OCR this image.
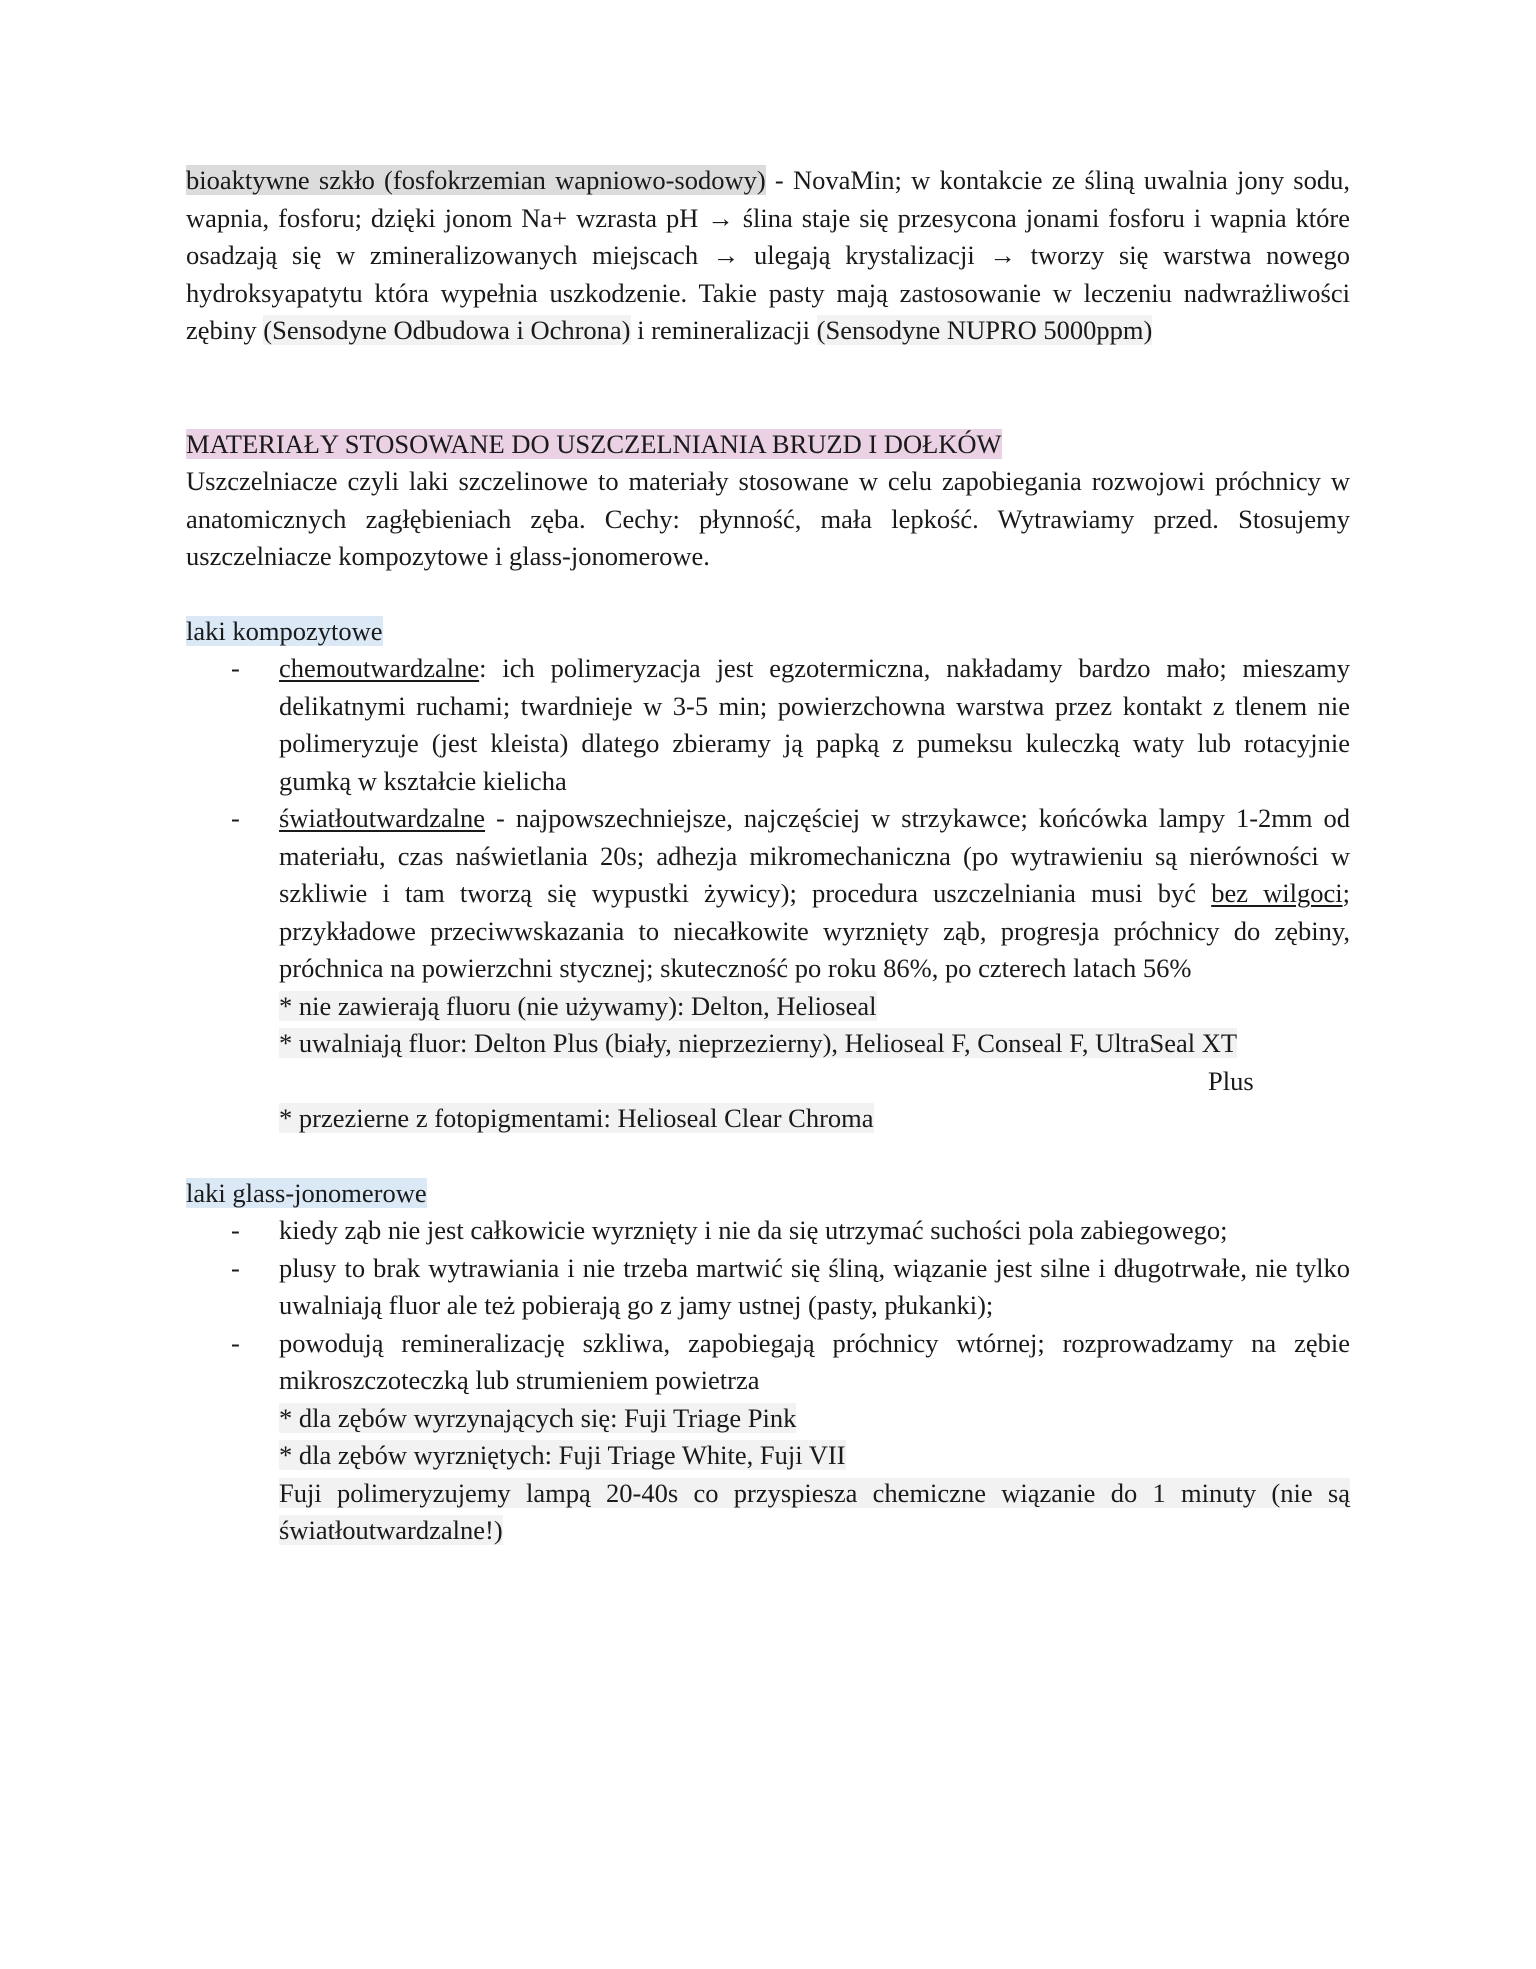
bioaktywne szkło (fosfokrzemian wapniowo-sodowy) - NovaMin; w kontakcie ze śliną uwalnia jony sodu, wapnia, fosforu; dzięki jonom Na+ wzrasta pH → ślina staje się przesycona jonami fosforu i wapnia które osadzają się w zmineralizowanych miejscach → ulegają krystalizacji → tworzy się warstwa nowego hydroksyapatytu która wypełnia uszkodzenie. Takie pasty mają zastosowanie w leczeniu nadwrażliwości zębiny (Sensodyne Odbudowa i Ochrona) i remineralizacji (Sensodyne NUPRO 5000ppm)

MATERIAŁY STOSOWANE DO USZCZELNIANIA BRUZD I DOŁKÓW

Uszczelniacze czyli laki szczelinowe to materiały stosowane w celu zapobiegania rozwojowi próchnicy w anatomicznych zagłębieniach zęba. Cechy: płynność, mała lepkość. Wytrawiamy przed. Stosujemy uszczelniacze kompozytowe i glass-jonomerowe.

laki kompozytowe

- chemoutwardzalne: ich polimeryzacja jest egzotermiczna, nakładamy bardzo mało; mieszamy delikatnymi ruchami; twardnieje w 3-5 min; powierzchowna warstwa przez kontakt z tlenem nie polimeryzuje (jest kleista) dlatego zbieramy ją papką z pumeksu kuleczką waty lub rotacyjnie gumką w kształcie kielicha
- światłoutwardzalne - najpowszechniejsze, najczęściej w strzykawce; końcówka lampy 1-2mm od materiału, czas naświetlania 20s; adhezja mikromechaniczna (po wytrawieniu są nierówności w szkliwie i tam tworzą się wypustki żywicy); procedura uszczelniania musi być bez wilgoci; przykładowe przeciwwskazania to niecałkowite wyrznięty ząb, progresja próchnicy do zębiny, próchnica na powierzchni stycznej; skuteczność po roku 86%, po czterech latach 56%
* nie zawierają fluoru (nie używamy): Delton, Helioseal
* uwalniają fluor: Delton Plus (biały, nieprzezierny), Helioseal F, Conseal F, UltraSeal XT
Plus
* przezierne z fotopigmentami: Helioseal Clear Chroma

laki glass-jonomerowe

- kiedy ząb nie jest całkowicie wyrznięty i nie da się utrzymać suchości pola zabiegowego;
- plusy to brak wytrawiania i nie trzeba martwić się śliną, wiązanie jest silne i długotrwałe, nie tylko uwalniają fluor ale też pobierają go z jamy ustnej (pasty, płukanki);
- powodują remineralizację szkliwa, zapobiegają próchnicy wtórnej; rozprowadzamy na zębie mikroszczoteczką lub strumieniem powietrza
* dla zębów wyrzynających się: Fuji Triage Pink
* dla zębów wyrzniętych: Fuji Triage White, Fuji VII
Fuji polimeryzujemy lampą 20-40s co przyspiesza chemiczne wiązanie do 1 minuty (nie są światłoutwardzalne!)
